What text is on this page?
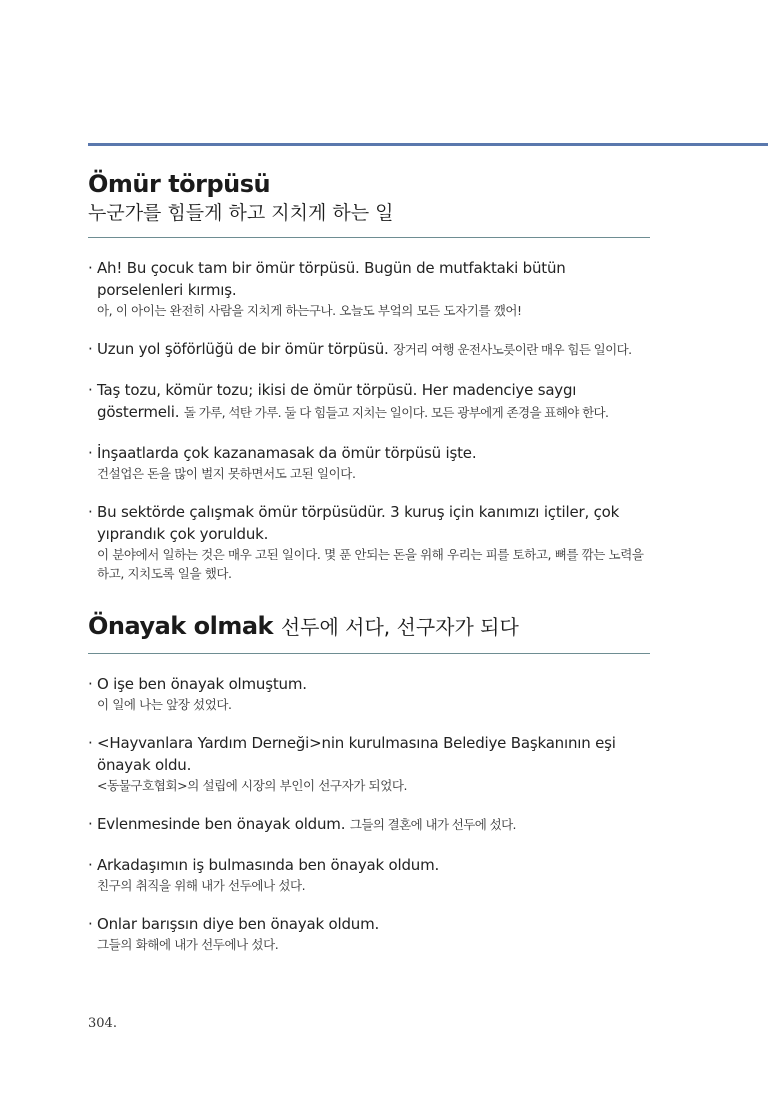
Ömür törpüsü
누군가를 힘들게 하고 지치게 하는 일
· Ah! Bu çocuk tam bir ömür törpüsü. Bugün de mutfaktaki bütün porselenleri kırmış.
아, 이 아이는 완전히 사람을 지치게 하는구나. 오늘도 부엌의 모든 도자기를 깼어!
· Uzun yol şöförlüğü de bir ömür törpüsü. 장거리 여행 운전사노릇이란 매우 힘든 일이다.
· Taş tozu, kömür tozu; ikisi de ömür törpüsü. Her madenciye saygı göstermeli. 돌 가루, 석탄 가루. 둘 다 힘들고 지치는 일이다. 모든 광부에게 존경을 표해야 한다.
· İnşaatlarda çok kazanamasak da ömür törpüsü işte.
건설업은 돈을 많이 벌지 못하면서도 고된 일이다.
· Bu sektörde çalışmak ömür törpüsüdür. 3 kuruş için kanımızı içtiler, çok yıprandık çok yorulduk.
이 분야에서 일하는 것은 매우 고된 일이다. 몇 푼 안되는 돈을 위해 우리는 피를 토하고, 뼈를 깎는 노력을 하고, 지치도록 일을 했다.
Önayak olmak 선두에 서다, 선구자가 되다
· O işe ben önayak olmuştum.
이 일에 나는 앞장 섰었다.
· <Hayvanlara Yardım Derneği>nin kurulmasına Belediye Başkanının eşi önayak oldu.
<동물구호협회>의 설립에 시장의 부인이 선구자가 되었다.
· Evlenmesinde ben önayak oldum. 그들의 결혼에 내가 선두에 섰다.
· Arkadaşımın iş bulmasında ben önayak oldum.
친구의 취직을 위해 내가 선두에나 섰다.
· Onlar barışsın diye ben önayak oldum.
그들의 화해에 내가 선두에나 섰다.
304.
